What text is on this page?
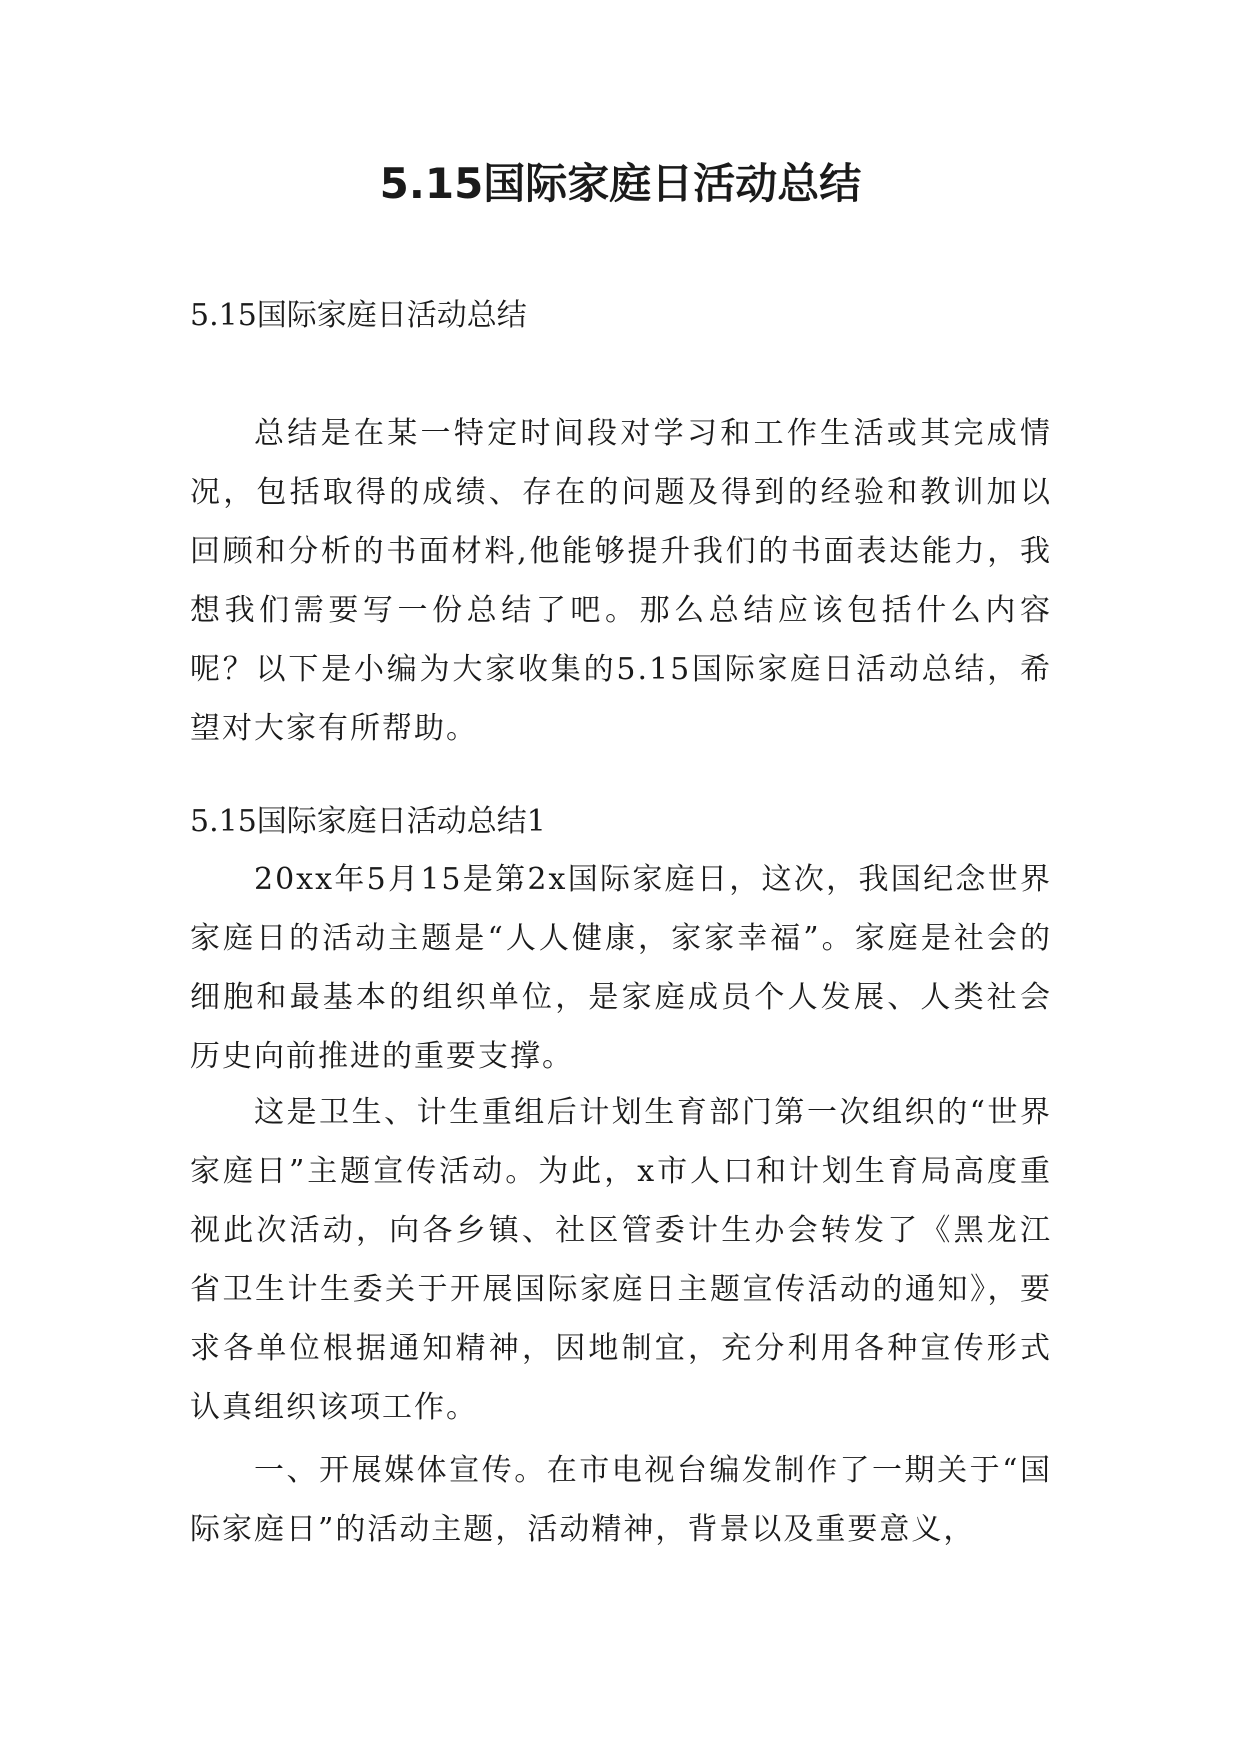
5.15国际家庭日活动总结

5.15国际家庭日活动总结

总结是在某一特定时间段对学习和工作生活或其完成情况，包括取得的成绩、存在的问题及得到的经验和教训加以回顾和分析的书面材料,他能够提升我们的书面表达能力，我想我们需要写一份总结了吧。那么总结应该包括什么内容呢？以下是小编为大家收集的5.15国际家庭日活动总结，希望对大家有所帮助。

5.15国际家庭日活动总结1

20xx年5月15是第2x国际家庭日，这次，我国纪念世界家庭日的活动主题是“人人健康，家家幸福”。家庭是社会的细胞和最基本的组织单位，是家庭成员个人发展、人类社会历史向前推进的重要支撑。

这是卫生、计生重组后计划生育部门第一次组织的“世界家庭日”主题宣传活动。为此，x市人口和计划生育局高度重视此次活动，向各乡镇、社区管委计生办会转发了《黑龙江省卫生计生委关于开展国际家庭日主题宣传活动的通知》，要求各单位根据通知精神，因地制宜，充分利用各种宣传形式认真组织该项工作。

一、开展媒体宣传。在市电视台编发制作了一期关于“国际家庭日”的活动主题，活动精神，背景以及重要意义，
